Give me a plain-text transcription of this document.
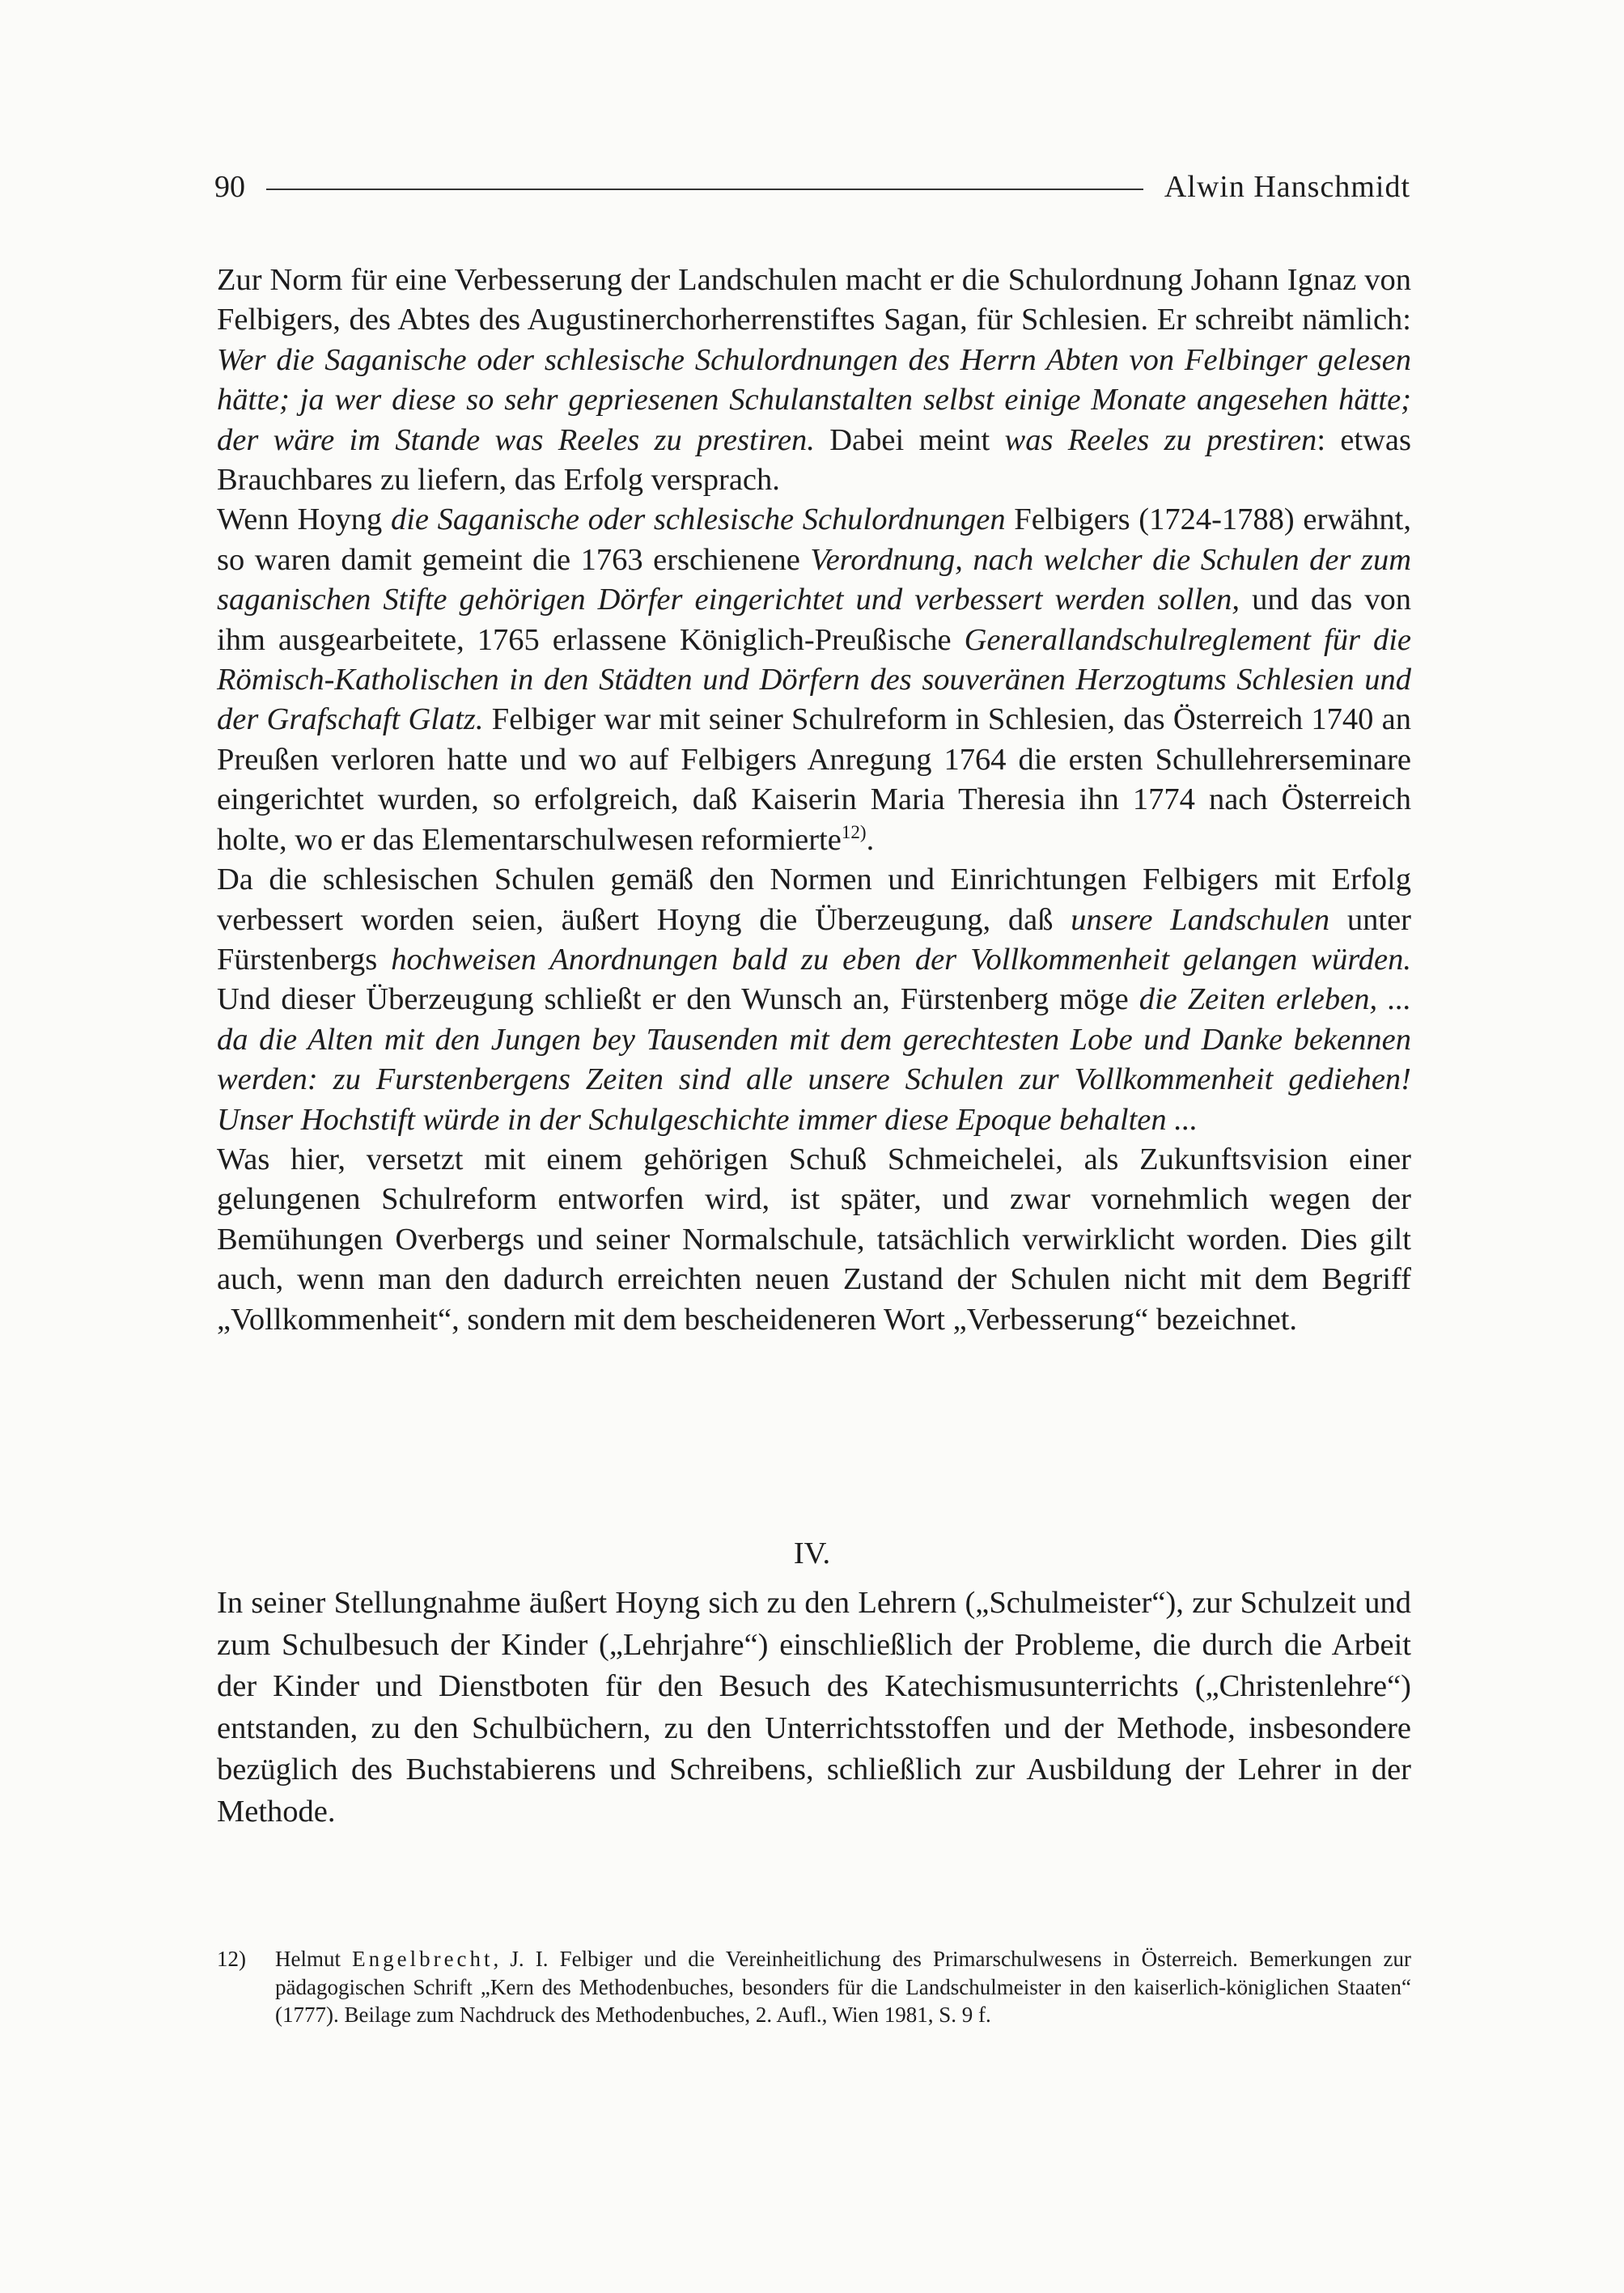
90	Alwin Hanschmidt

Zur Norm für eine Verbesserung der Landschulen macht er die Schulordnung Johann Ignaz von Felbigers, des Abtes des Augustinerchorherrenstiftes Sagan, für Schlesien. Er schreibt nämlich: Wer die Saganische oder schlesische Schulordnungen des Herrn Abten von Felbinger gelesen hätte; ja wer diese so sehr gepriesenen Schulanstalten selbst einige Monate angesehen hätte; der wäre im Stande was Reeles zu prestiren. Dabei meint was Reeles zu prestiren: etwas Brauchbares zu liefern, das Erfolg versprach.

Wenn Hoyng die Saganische oder schlesische Schulordnungen Felbigers (1724-1788) erwähnt, so waren damit gemeint die 1763 erschienene Verordnung, nach welcher die Schulen der zum saganischen Stifte gehörigen Dörfer eingerichtet und verbessert werden sollen, und das von ihm ausgearbeitete, 1765 erlassene Königlich-Preußische Generallandschulreglement für die Römisch-Katholischen in den Städten und Dörfern des souveränen Herzogtums Schlesien und der Grafschaft Glatz. Felbiger war mit seiner Schulreform in Schlesien, das Österreich 1740 an Preußen verloren hatte und wo auf Felbigers Anregung 1764 die ersten Schullehrerseminare eingerichtet wurden, so erfolgreich, daß Kaiserin Maria Theresia ihn 1774 nach Österreich holte, wo er das Elementarschulwesen reformierte$^{12)}$.

Da die schlesischen Schulen gemäß den Normen und Einrichtungen Felbigers mit Erfolg verbessert worden seien, äußert Hoyng die Überzeugung, daß unsere Landschulen unter Fürstenbergs hochweisen Anordnungen bald zu eben der Vollkommenheit gelangen würden. Und dieser Überzeugung schließt er den Wunsch an, Fürstenberg möge die Zeiten erleben, ... da die Alten mit den Jungen bey Tausenden mit dem gerechtesten Lobe und Danke bekennen werden: zu Furstenbergens Zeiten sind alle unsere Schulen zur Vollkommenheit gediehen! Unser Hochstift würde in der Schulgeschichte immer diese Epoque behalten ...

Was hier, versetzt mit einem gehörigen Schuß Schmeichelei, als Zukunftsvision einer gelungenen Schulreform entworfen wird, ist später, und zwar vornehmlich wegen der Bemühungen Overbergs und seiner Normalschule, tatsächlich verwirklicht worden. Dies gilt auch, wenn man den dadurch erreichten neuen Zustand der Schulen nicht mit dem Begriff „Vollkommenheit“, sondern mit dem bescheideneren Wort „Verbesserung“ bezeichnet.

IV.

In seiner Stellungnahme äußert Hoyng sich zu den Lehrern („Schulmeister“), zur Schulzeit und zum Schulbesuch der Kinder („Lehrjahre“) einschließlich der Probleme, die durch die Arbeit der Kinder und Dienstboten für den Besuch des Katechismusunterrichts („Christenlehre“) entstanden, zu den Schulbüchern, zu den Unterrichtsstoffen und der Methode, insbesondere bezüglich des Buchstabierens und Schreibens, schließlich zur Ausbildung der Lehrer in der Methode.

12)	Helmut Engelbrecht, J. I. Felbiger und die Vereinheitlichung des Primarschulwesens in Österreich. Bemerkungen zur pädagogischen Schrift „Kern des Methodenbuches, besonders für die Landschulmeister in den kaiserlich-königlichen Staaten“ (1777). Beilage zum Nachdruck des Methodenbuches, 2. Aufl., Wien 1981, S. 9 f.
